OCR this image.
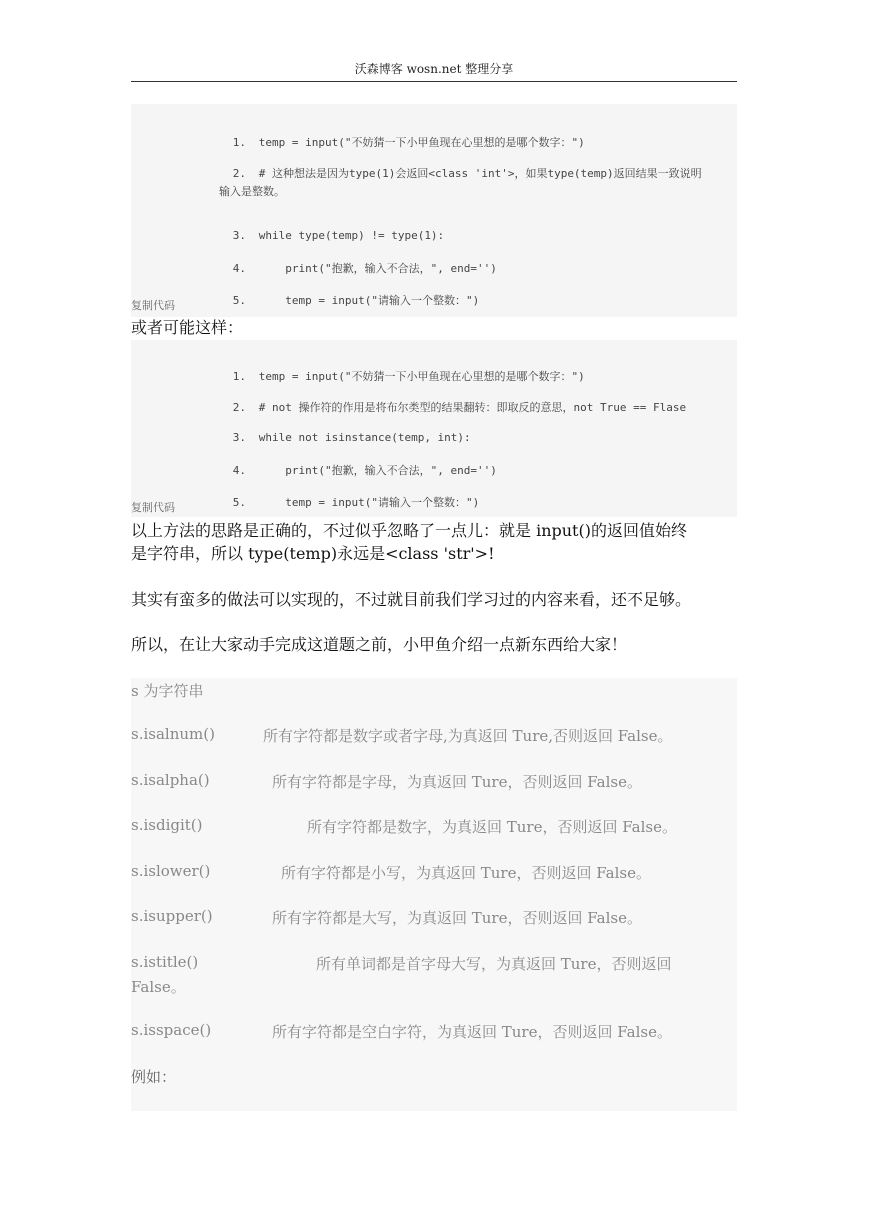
沃森博客 wosn.net 整理分享

1. temp = input("不妨猜一下小甲鱼现在心里想的是哪个数字：")

2. # 这种想法是因为type(1)会返回<class 'int'>，如果type(temp)返回结果一致说明

输入是整数。

3. while type(temp) != type(1):

4.    print("抱歉，输入不合法，", end='')

5.    temp = input("请输入一个整数：")

复制代码
或者可能这样：

1. temp = input("不妨猜一下小甲鱼现在心里想的是哪个数字：")

2. # not 操作符的作用是将布尔类型的结果翻转：即取反的意思，not True == Flase

3. while not isinstance(temp, int):

4.    print("抱歉，输入不合法，", end='')

5.    temp = input("请输入一个整数：")

复制代码
以上方法的思路是正确的，不过似乎忽略了一点儿：就是 input()的返回值始终
是字符串，所以 type(temp)永远是<class 'str'>!
其实有蛮多的做法可以实现的，不过就目前我们学习过的内容来看，还不足够。
所以，在让大家动手完成这道题之前，小甲鱼介绍一点新东西给大家！
s 为字符串
s.isalnum()	所有字符都是数字或者字母,为真返回 Ture,否则返回 False。
s.isalpha()	所有字符都是字母，为真返回 Ture，否则返回 False。
s.isdigit()	所有字符都是数字，为真返回 Ture，否则返回 False。
s.islower()	所有字符都是小写，为真返回 Ture，否则返回 False。
s.isupper()	所有字符都是大写，为真返回 Ture，否则返回 False。
s.istitle()	所有单词都是首字母大写，为真返回 Ture，否则返回
False。
s.isspace()	所有字符都是空白字符，为真返回 Ture，否则返回 False。
例如：
